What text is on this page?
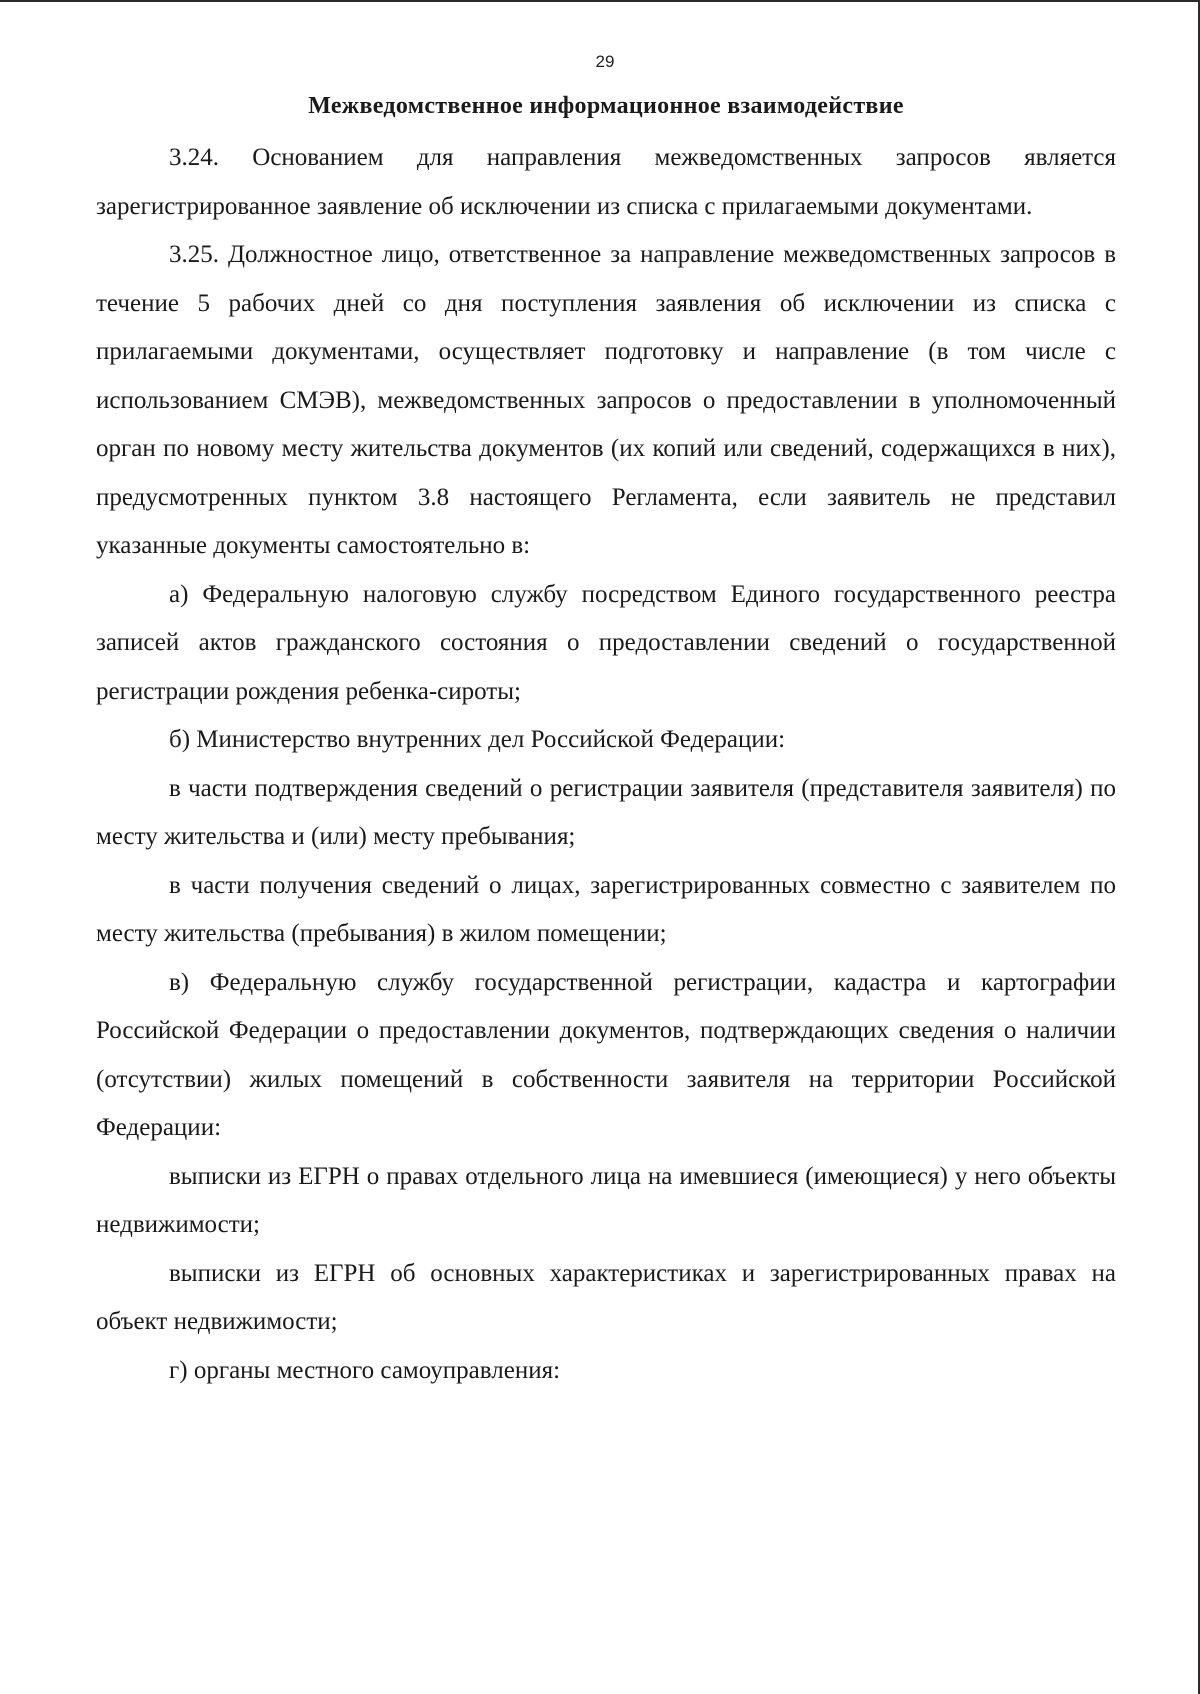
29
Межведомственное информационное взаимодействие

3.24. Основанием для направления межведомственных запросов является зарегистрированное заявление об исключении из списка с прилагаемыми документами.

3.25. Должностное лицо, ответственное за направление межведомственных запросов в течение 5 рабочих дней со дня поступления заявления об исключении из списка с прилагаемыми документами, осуществляет подготовку и направление (в том числе с использованием СМЭВ), межведомственных запросов о предоставлении в уполномоченный орган по новому месту жительства документов (их копий или сведений, содержащихся в них), предусмотренных пунктом 3.8 настоящего Регламента, если заявитель не представил указанные документы самостоятельно в:

а) Федеральную налоговую службу посредством Единого государственного реестра записей актов гражданского состояния о предоставлении сведений о государственной регистрации рождения ребенка-сироты;

б) Министерство внутренних дел Российской Федерации:

в части подтверждения сведений о регистрации заявителя (представителя заявителя) по месту жительства и (или) месту пребывания;

в части получения сведений о лицах, зарегистрированных совместно с заявителем по месту жительства (пребывания) в жилом помещении;

в) Федеральную службу государственной регистрации, кадастра и картографии Российской Федерации о предоставлении документов, подтверждающих сведения о наличии (отсутствии) жилых помещений в собственности заявителя на территории Российской Федерации:

выписки из ЕГРН о правах отдельного лица на имевшиеся (имеющиеся) у него объекты недвижимости;

выписки из ЕГРН об основных характеристиках и зарегистрированных правах на объект недвижимости;

г) органы местного самоуправления:
